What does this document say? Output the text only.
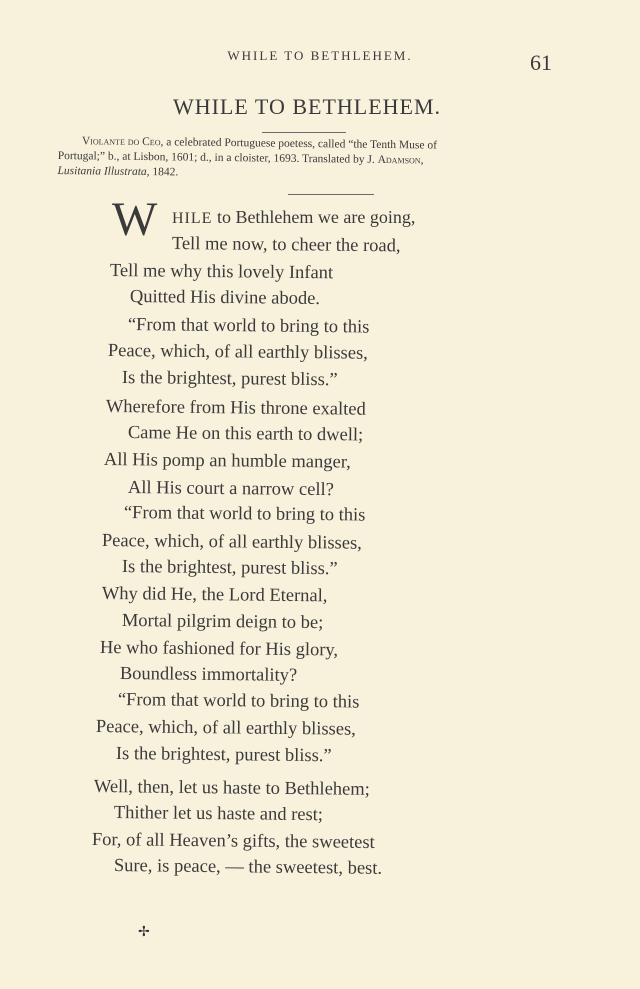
WHILE TO BETHLEHEM.	61
WHILE TO BETHLEHEM.
Violante do Ceo, a celebrated Portuguese poetess, called “the Tenth Muse of
Portugal;” b., at Lisbon, 1601; d., in a cloister, 1693. Translated by J. Adamson,
Lusitania Illustrata, 1842.
W HILE to Bethlehem we are going,
Tell me now, to cheer the road,
Tell me why this lovely Infant
Quitted His divine abode.
“From that world to bring to this
Peace, which, of all earthly blisses,
Is the brightest, purest bliss.”
Wherefore from His throne exalted
Came He on this earth to dwell;
All His pomp an humble manger,
All His court a narrow cell?
“From that world to bring to this
Peace, which, of all earthly blisses,
Is the brightest, purest bliss.”
Why did He, the Lord Eternal,
Mortal pilgrim deign to be;
He who fashioned for His glory,
Boundless immortality?
“From that world to bring to this
Peace, which, of all earthly blisses,
Is the brightest, purest bliss.”
Well, then, let us haste to Bethlehem;
Thither let us haste and rest;
For, of all Heaven’s gifts, the sweetest
Sure, is peace, — the sweetest, best.
✢
